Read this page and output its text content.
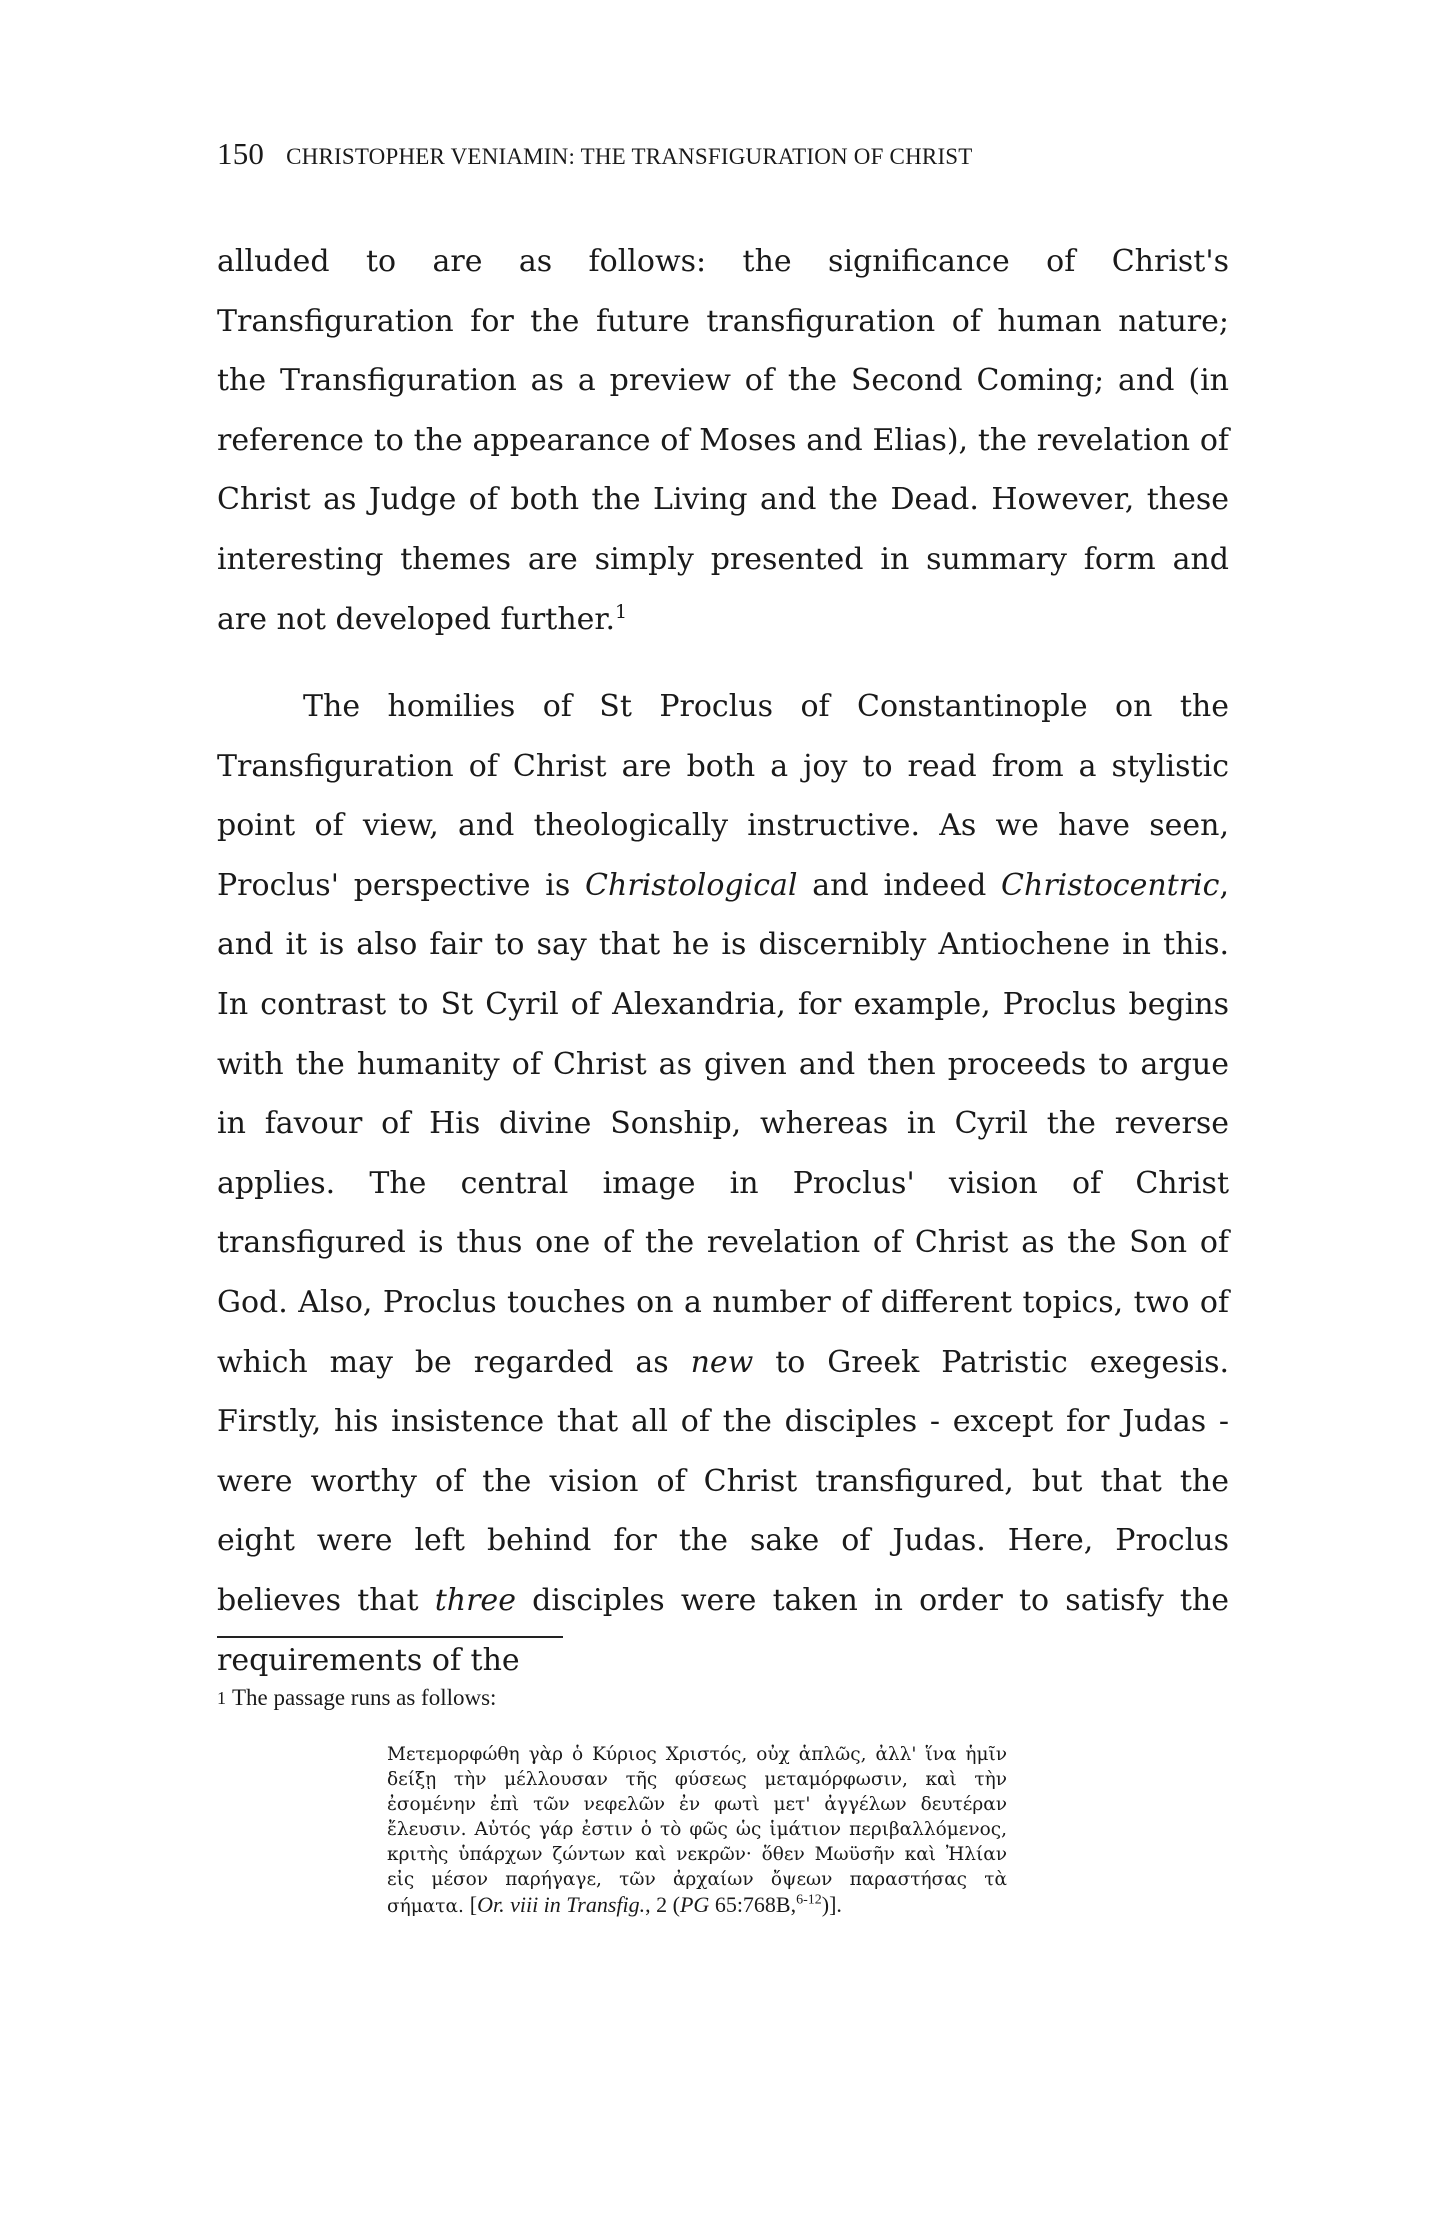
150 CHRISTOPHER VENIAMIN: THE TRANSFIGURATION OF CHRIST

alluded to are as follows: the significance of Christ's Transfiguration for the future transfiguration of human nature; the Transfiguration as a preview of the Second Coming; and (in reference to the appearance of Moses and Elias), the revelation of Christ as Judge of both the Living and the Dead. However, these interesting themes are simply presented in summary form and are not developed further.$^1$

The homilies of St Proclus of Constantinople on the Transfiguration of Christ are both a joy to read from a stylistic point of view, and theologically instructive. As we have seen, Proclus' perspective is Christological and indeed Christocentric, and it is also fair to say that he is discernibly Antiochene in this. In contrast to St Cyril of Alexandria, for example, Proclus begins with the humanity of Christ as given and then proceeds to argue in favour of His divine Sonship, whereas in Cyril the reverse applies. The central image in Proclus' vision of Christ transfigured is thus one of the revelation of Christ as the Son of God. Also, Proclus touches on a number of different topics, two of which may be regarded as new to Greek Patristic exegesis. Firstly, his insistence that all of the disciples - except for Judas - were worthy of the vision of Christ transfigured, but that the eight were left behind for the sake of Judas. Here, Proclus believes that three disciples were taken in order to satisfy the requirements of the

$^1$ The passage runs as follows:

Μετεμορφώθη γὰρ ὁ Κύριος Χριστός, οὐχ ἁπλῶς, ἀλλ' ἵνα ἡμῖν δείξῃ τὴν μέλλουσαν τῆς φύσεως μεταμόρφωσιν, καὶ τὴν ἐσομένην ἐπὶ τῶν νεφελῶν ἐν φωτὶ μετ' ἀγγέλων δευτέραν ἔλευσιν. Αὐτός γάρ ἐστιν ὁ τὸ φῶς ὡς ἱμάτιον περιβαλλόμενος, κριτὴς ὑπάρχων ζώντων καὶ νεκρῶν· ὅθεν Μωϋσῆν καὶ Ἠλίαν εἰς μέσον παρήγαγε, τῶν ἀρχαίων ὄψεων παραστήσας τὰ σήματα. [Or. viii in Transfig., 2 (PG 65:768B,$^{6-12}$)].
